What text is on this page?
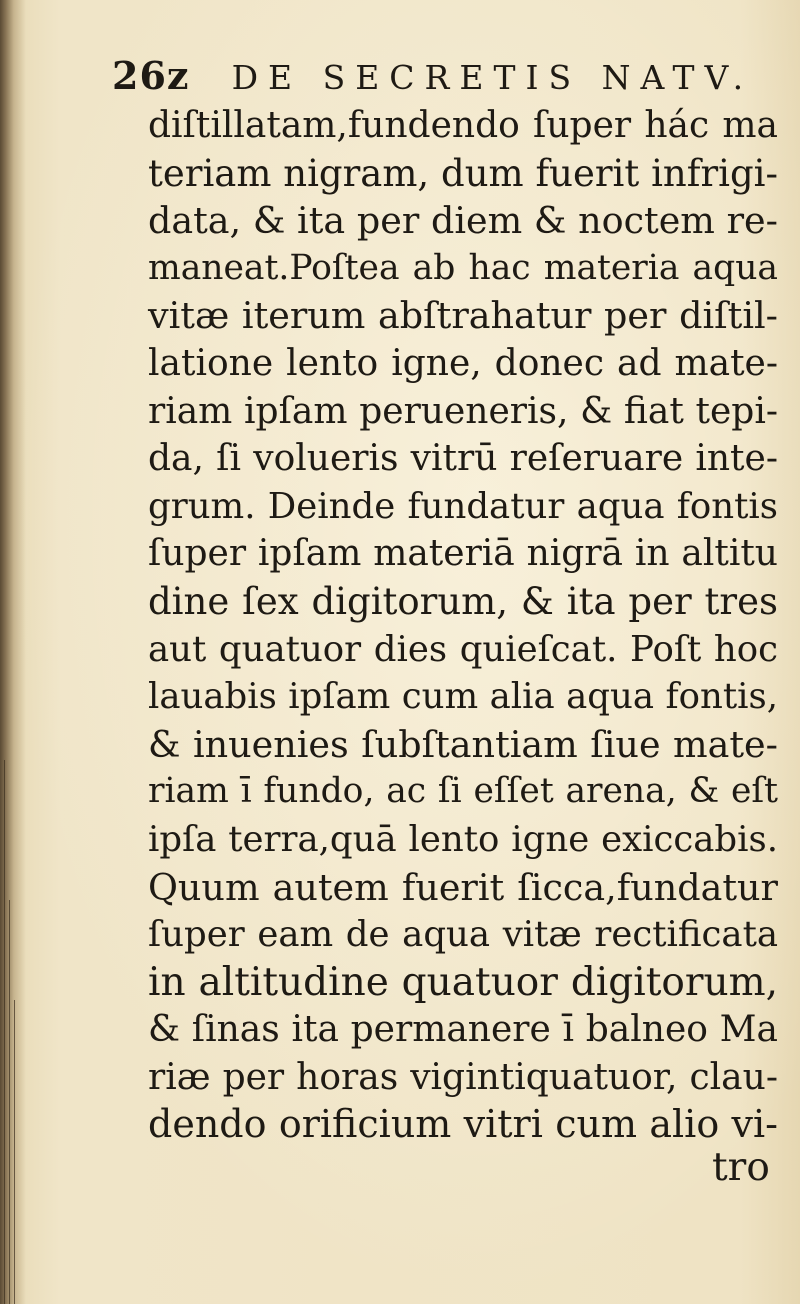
26z DE SECRETIS NATV.
diſtillatam,fundendo ſuper hác ma
teriam nigram, dum fuerit infrigi-
data, & ita per diem & noctem re-
maneat.Poſtea ab hac materia aqua
vitæ iterum abſtrahatur per diſtil-
latione lento igne, donec ad mate-
riam ipſam perueneris, & fiat tepi-
da, ſi volueris vitrū reſeruare inte-
grum. Deinde fundatur aqua fontis
ſuper ipſam materiā nigrā in altitu
dine ſex digitorum, & ita per tres
aut quatuor dies quieſcat. Poſt hoc
lauabis ipſam cum alia aqua fontis,
& inuenies ſubſtantiam ſiue mate-
riam ī fundo, ac ſi eſſet arena, & eſt
ipſa terra,quā lento igne exiccabis.
Quum autem fuerit ſicca,fundatur
ſuper eam de aqua vitæ rectificata
in altitudine quatuor digitorum,
& ſinas ita permanere ī balneo Ma
riæ per horas vigintiquatuor, clau-
dendo orificium vitri cum alio vi-
tro
